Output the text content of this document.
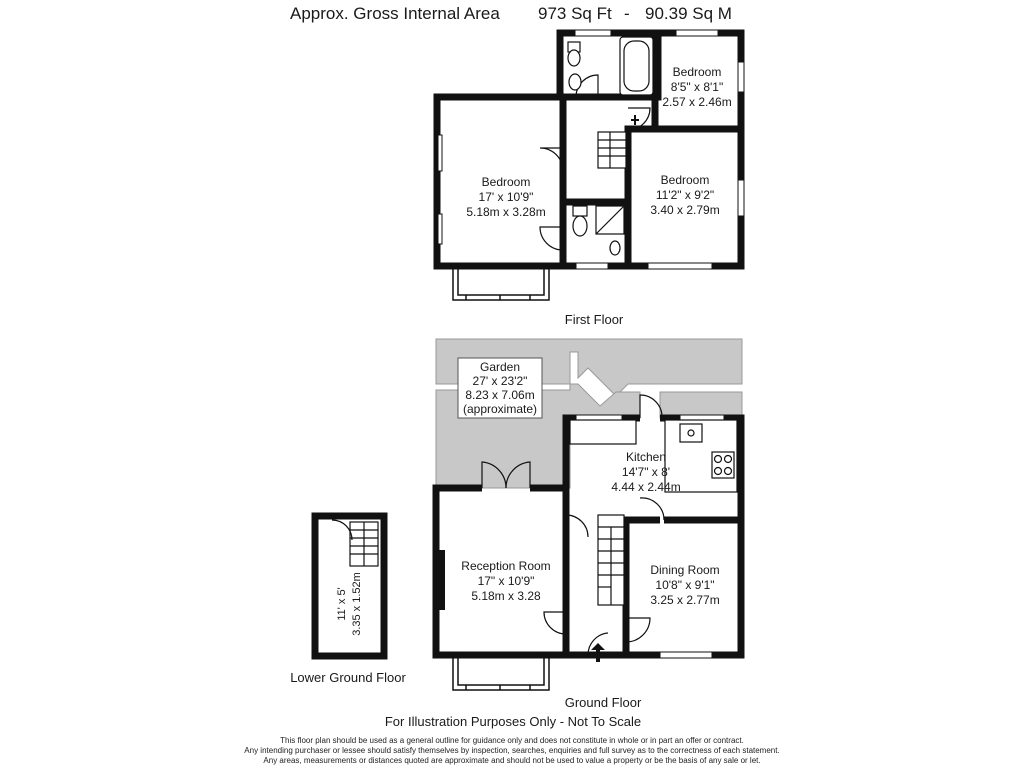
Approx. Gross Internal Area 973 Sq Ft - 90.39 Sq M
Bedroom
17' x 10'9"
5.18m x 3.28m
Bedroom
11'2" x 9'2"
3.40 x 2.79m
Bedroom
8'5" x 8'1"
2.57 x 2.46m
First Floor
Garden
27' x 23'2"
8.23 x 7.06m
(approximate)
Kitchen
14'7" x 8'
4.44 x 2.44m
Reception Room
17" x 10'9"
5.18m x 3.28
Dining Room
10'8" x 9'1"
3.25 x 2.77m
Ground Floor
11' x 5' 3.35 x 1.52m
Lower Ground Floor
For Illustration Purposes Only - Not To Scale
This floor plan should be used as a general outline for guidance only and does not constitute in whole or in part an offer or contract.
Any intending purchaser or lessee should satisfy themselves by inspection, searches, enquiries and full survey as to the correctness of each statement.
Any areas, measurements or distances quoted are approximate and should not be used to value a property or be the basis of any sale or let.
